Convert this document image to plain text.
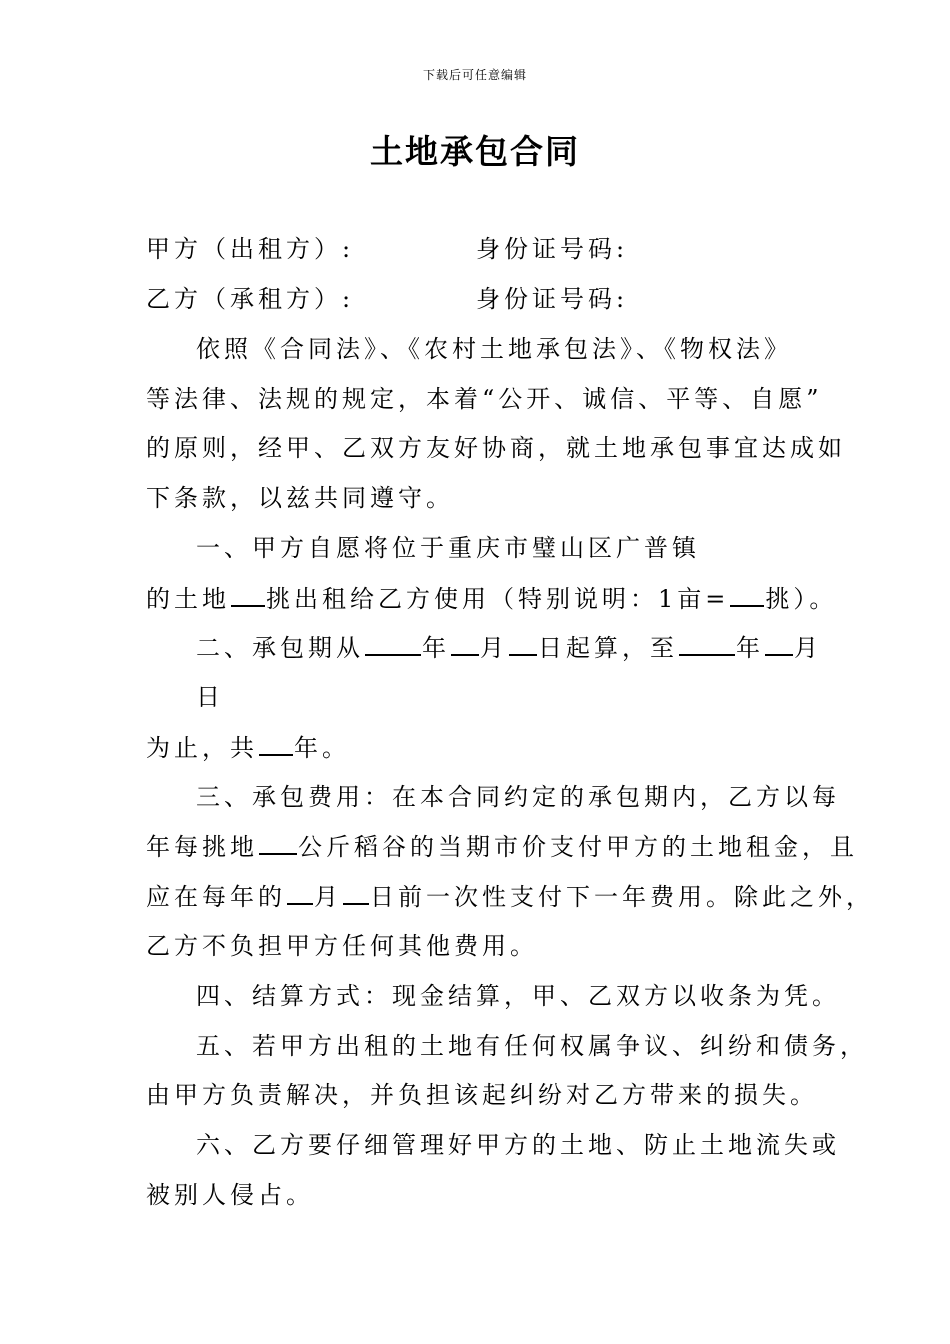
下载后可任意编辑
土地承包合同
甲方（出租方）:	身份证号码:
乙方（承租方）:	身份证号码:
依照《合同法》、《农村土地承包法》、《物权法》
等法律、法规的规定，本着“公开、诚信、平等、自愿”
的原则，经甲、乙双方友好协商，就土地承包事宜达成如
下条款，以兹共同遵守。
一、甲方自愿将位于重庆市璧山区广普镇
的土地 挑出租给乙方使用（特别说明：1亩= 挑）。
二、承包期从 年 月 日起算，至 年 月
日
为止，共 年。
三、承包费用：在本合同约定的承包期内，乙方以每
年每挑地 公斤稻谷的当期市价支付甲方的土地租金，且
应在每年的 月 日前一次性支付下一年费用。除此之外，
乙方不负担甲方任何其他费用。
四、结算方式：现金结算，甲、乙双方以收条为凭。
五、若甲方出租的土地有任何权属争议、纠纷和债务，
由甲方负责解决，并负担该起纠纷对乙方带来的损失。
六、乙方要仔细管理好甲方的土地、防止土地流失或
被别人侵占。
